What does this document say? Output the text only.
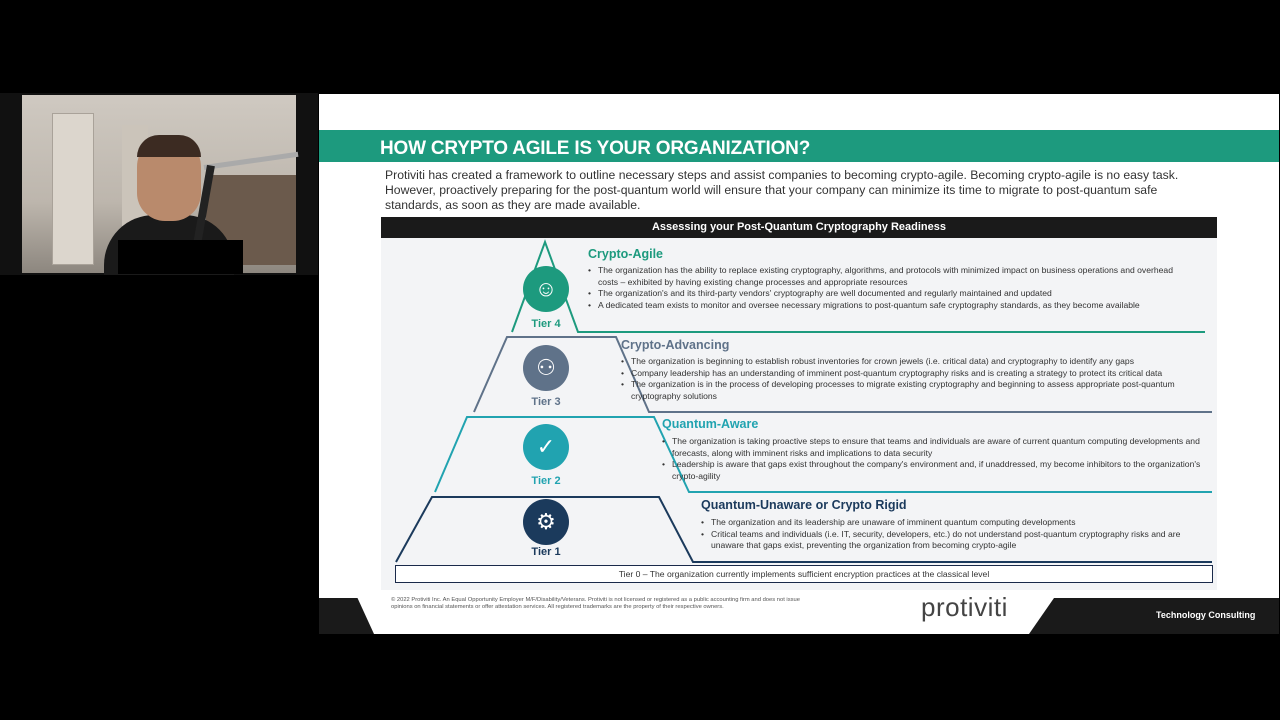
HOW CRYPTO AGILE IS YOUR ORGANIZATION?
Protiviti has created a framework to outline necessary steps and assist companies to becoming crypto-agile. Becoming crypto-agile is no easy task. However, proactively preparing for the post-quantum world will ensure that your company can minimize its time to migrate to post-quantum safe standards, as soon as they are made available.
Assessing your Post-Quantum Cryptography Readiness
☺
Tier 4
Crypto-Agile
• The organization has the ability to replace existing cryptography, algorithms, and protocols with minimized impact on business operations and overhead costs – exhibited by having existing change processes and appropriate resources
• The organization's and its third-party vendors' cryptography are well documented and regularly maintained and updated
• A dedicated team exists to monitor and oversee necessary migrations to post-quantum safe cryptography standards, as they become available
⚇
Tier 3
Crypto-Advancing
• The organization is beginning to establish robust inventories for crown jewels (i.e. critical data) and cryptography to identify any gaps
• Company leadership has an understanding of imminent post-quantum cryptography risks and is creating a strategy to protect its critical data
• The organization is in the process of developing processes to migrate existing cryptography and beginning to assess appropriate post-quantum cryptography solutions
✓
Tier 2
Quantum-Aware
• The organization is taking proactive steps to ensure that teams and individuals are aware of current quantum computing developments and forecasts, along with imminent risks and implications to data security
• Leadership is aware that gaps exist throughout the company's environment and, if unaddressed, my become inhibitors to the organization's crypto-agility
⚙
Tier 1
Quantum-Unaware or Crypto Rigid
• The organization and its leadership are unaware of imminent quantum computing developments
• Critical teams and individuals (i.e. IT, security, developers, etc.) do not understand post-quantum cryptography risks and are unaware that gaps exist, preventing the organization from becoming crypto-agile
Tier 0 – The organization currently implements sufficient encryption practices at the classical level
© 2022 Protiviti Inc. An Equal Opportunity Employer M/F/Disability/Veterans. Protiviti is not licensed or registered as a public accounting firm and does not issue opinions on financial statements or offer attestation services. All registered trademarks are the property of their respective owners.	protiviti	Technology Consulting
